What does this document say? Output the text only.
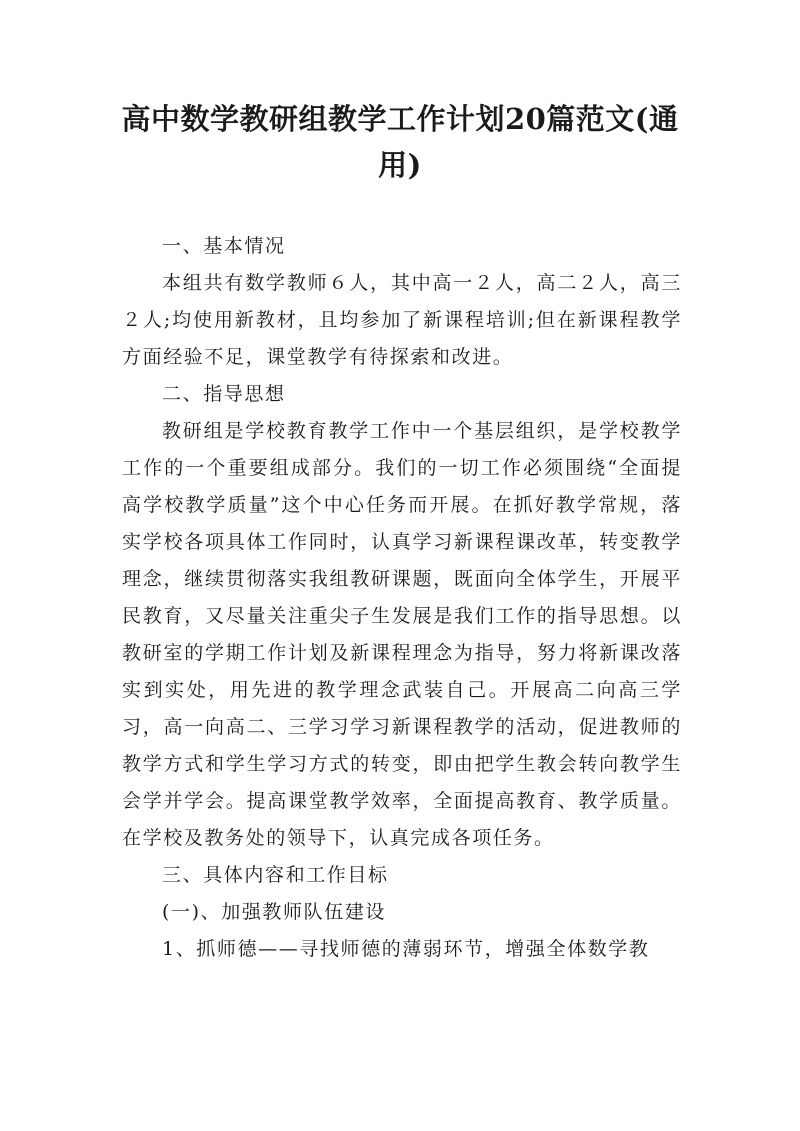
高中数学教研组教学工作计划20篇范文(通用)

一、基本情况

本组共有数学教师６人，其中高一２人，高二２人，高三２人;均使用新教材，且均参加了新课程培训;但在新课程教学方面经验不足，课堂教学有待探索和改进。

二、指导思想

教研组是学校教育教学工作中一个基层组织，是学校教学工作的一个重要组成部分。我们的一切工作必须围绕“全面提高学校教学质量”这个中心任务而开展。在抓好教学常规，落实学校各项具体工作同时，认真学习新课程课改革，转变教学理念，继续贯彻落实我组教研课题，既面向全体学生，开展平民教育，又尽量关注重尖子生发展是我们工作的指导思想。以教研室的学期工作计划及新课程理念为指导，努力将新课改落实到实处，用先进的教学理念武装自己。开展高二向高三学习，高一向高二、三学习学习新课程教学的活动，促进教师的教学方式和学生学习方式的转变，即由把学生教会转向教学生会学并学会。提高课堂教学效率，全面提高教育、教学质量。在学校及教务处的领导下，认真完成各项任务。

三、具体内容和工作目标

(一)、加强教师队伍建设

1、抓师德——寻找师德的薄弱环节，增强全体数学教
